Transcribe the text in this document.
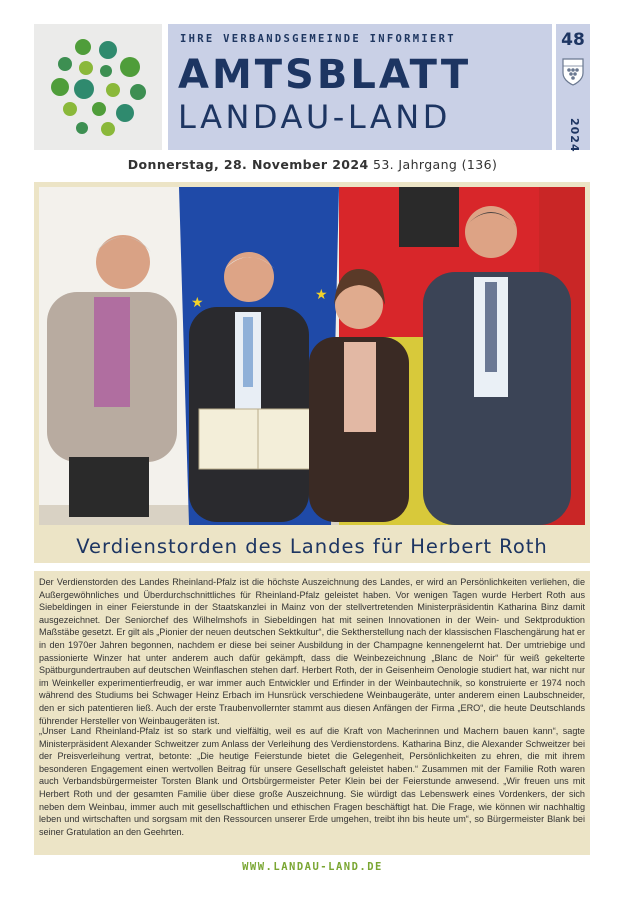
IHRE VERBANDSGEMEINDE INFORMIERT
AMTSBLATT
LANDAU-LAND
48
2024
Donnerstag, 28. November 2024 53. Jahrgang (136)
★	★
Verdienstorden des Landes für Herbert Roth

Der Verdienstorden des Landes Rheinland-Pfalz ist die höchste Auszeichnung des Landes, er wird an Persönlichkeiten verliehen, die Außergewöhnliches und Überdurchschnittliches für Rheinland-Pfalz geleistet haben. Vor wenigen Tagen wurde Herbert Roth aus Siebeldingen in einer Feierstunde in der Staatskanzlei in Mainz von der stellvertretenden Ministerpräsidentin Katharina Binz damit ausgezeichnet. Der Seniorchef des Wilhelmshofs in Siebeldingen hat mit seinen Innovationen in der Wein- und Sektproduktion Maßstäbe gesetzt. Er gilt als „Pionier der neuen deutschen Sektkultur“, die Sektherstellung nach der klassischen Flaschengärung hat er in den 1970er Jahren begonnen, nachdem er diese bei seiner Ausbildung in der Champagne kennengelernt hat. Der umtriebige und passionierte Winzer hat unter anderem auch dafür gekämpft, dass die Weinbezeichnung „Blanc de Noir“ für weiß gekelterte Spätburgundertrauben auf deutschen Weinflaschen stehen darf. Herbert Roth, der in Geisenheim Oenologie studiert hat, war nicht nur im Weinkeller experimentierfreudig, er war immer auch Entwickler und Erfinder in der Weinbautechnik, so konstruierte er 1974 noch während des Studiums bei Schwager Heinz Erbach im Hunsrück verschiedene Weinbaugeräte, unter anderem einen Laubschneider, den er sich patentieren ließ. Auch der erste Traubenvollernter stammt aus diesen Anfängen der Firma „ERO“, die heute Deutschlands führender Hersteller von Weinbaugeräten ist.

„Unser Land Rheinland-Pfalz ist so stark und vielfältig, weil es auf die Kraft von Macherinnen und Machern bauen kann“, sagte Ministerpräsident Alexander Schweitzer zum Anlass der Verleihung des Verdienstordens. Katharina Binz, die Alexander Schweitzer bei der Preisverleihung vertrat, betonte: „Die heutige Feierstunde bietet die Gelegenheit, Persönlichkeiten zu ehren, die mit ihrem besonderen Engagement einen wertvollen Beitrag für unsere Gesellschaft geleistet haben.“ Zusammen mit der Familie Roth waren auch Verbandsbürgermeister Torsten Blank und Ortsbürgermeister Peter Klein bei der Feierstunde anwesend. „Wir freuen uns mit Herbert Roth und der gesamten Familie über diese große Auszeichnung. Sie würdigt das Lebenswerk eines Vordenkers, der sich neben dem Weinbau, immer auch mit gesellschaftlichen und ethischen Fragen beschäftigt hat. Die Frage, wie können wir nachhaltig leben und wirtschaften und sorgsam mit den Ressourcen unserer Erde umgehen, treibt ihn bis heute um“, so Bürgermeister Blank bei seiner Gratulation an den Geehrten.

WWW.LANDAU-LAND.DE
